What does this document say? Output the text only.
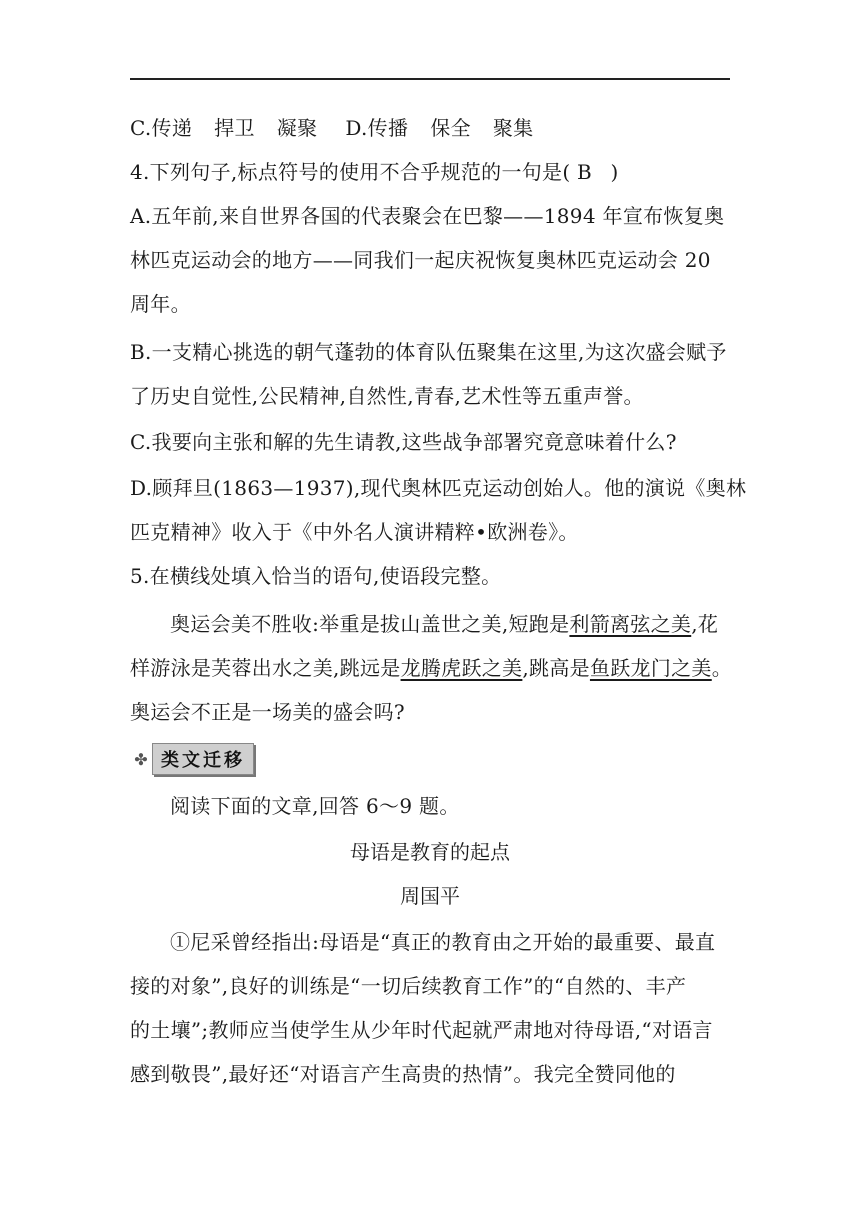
C.传递 捍卫 凝聚 D.传播 保全 聚集
4.下列句子,标点符号的使用不合乎规范的一句是( B )
A.五年前,来自世界各国的代表聚会在巴黎——1894 年宣布恢复奥
林匹克运动会的地方——同我们一起庆祝恢复奥林匹克运动会 20
周年。
B.一支精心挑选的朝气蓬勃的体育队伍聚集在这里,为这次盛会赋予
了历史自觉性,公民精神,自然性,青春,艺术性等五重声誉。
C.我要向主张和解的先生请教,这些战争部署究竟意味着什么?
D.顾拜旦(1863—1937),现代奥林匹克运动创始人。他的演说《奥林
匹克精神》收入于《中外名人演讲精粹•欧洲卷》。
5.在横线处填入恰当的语句,使语段完整。
奥运会美不胜收:举重是拔山盖世之美,短跑是利箭离弦之美,花
样游泳是芙蓉出水之美,跳远是龙腾虎跃之美,跳高是鱼跃龙门之美。
奥运会不正是一场美的盛会吗?
✤ 类文迁移
阅读下面的文章,回答 6～9 题。
母语是教育的起点
周国平
①尼采曾经指出:母语是“真正的教育由之开始的最重要、最直
接的对象”,良好的训练是“一切后续教育工作”的“自然的、丰产
的土壤”;教师应当使学生从少年时代起就严肃地对待母语,“对语言
感到敬畏”,最好还“对语言产生高贵的热情”。我完全赞同他的
